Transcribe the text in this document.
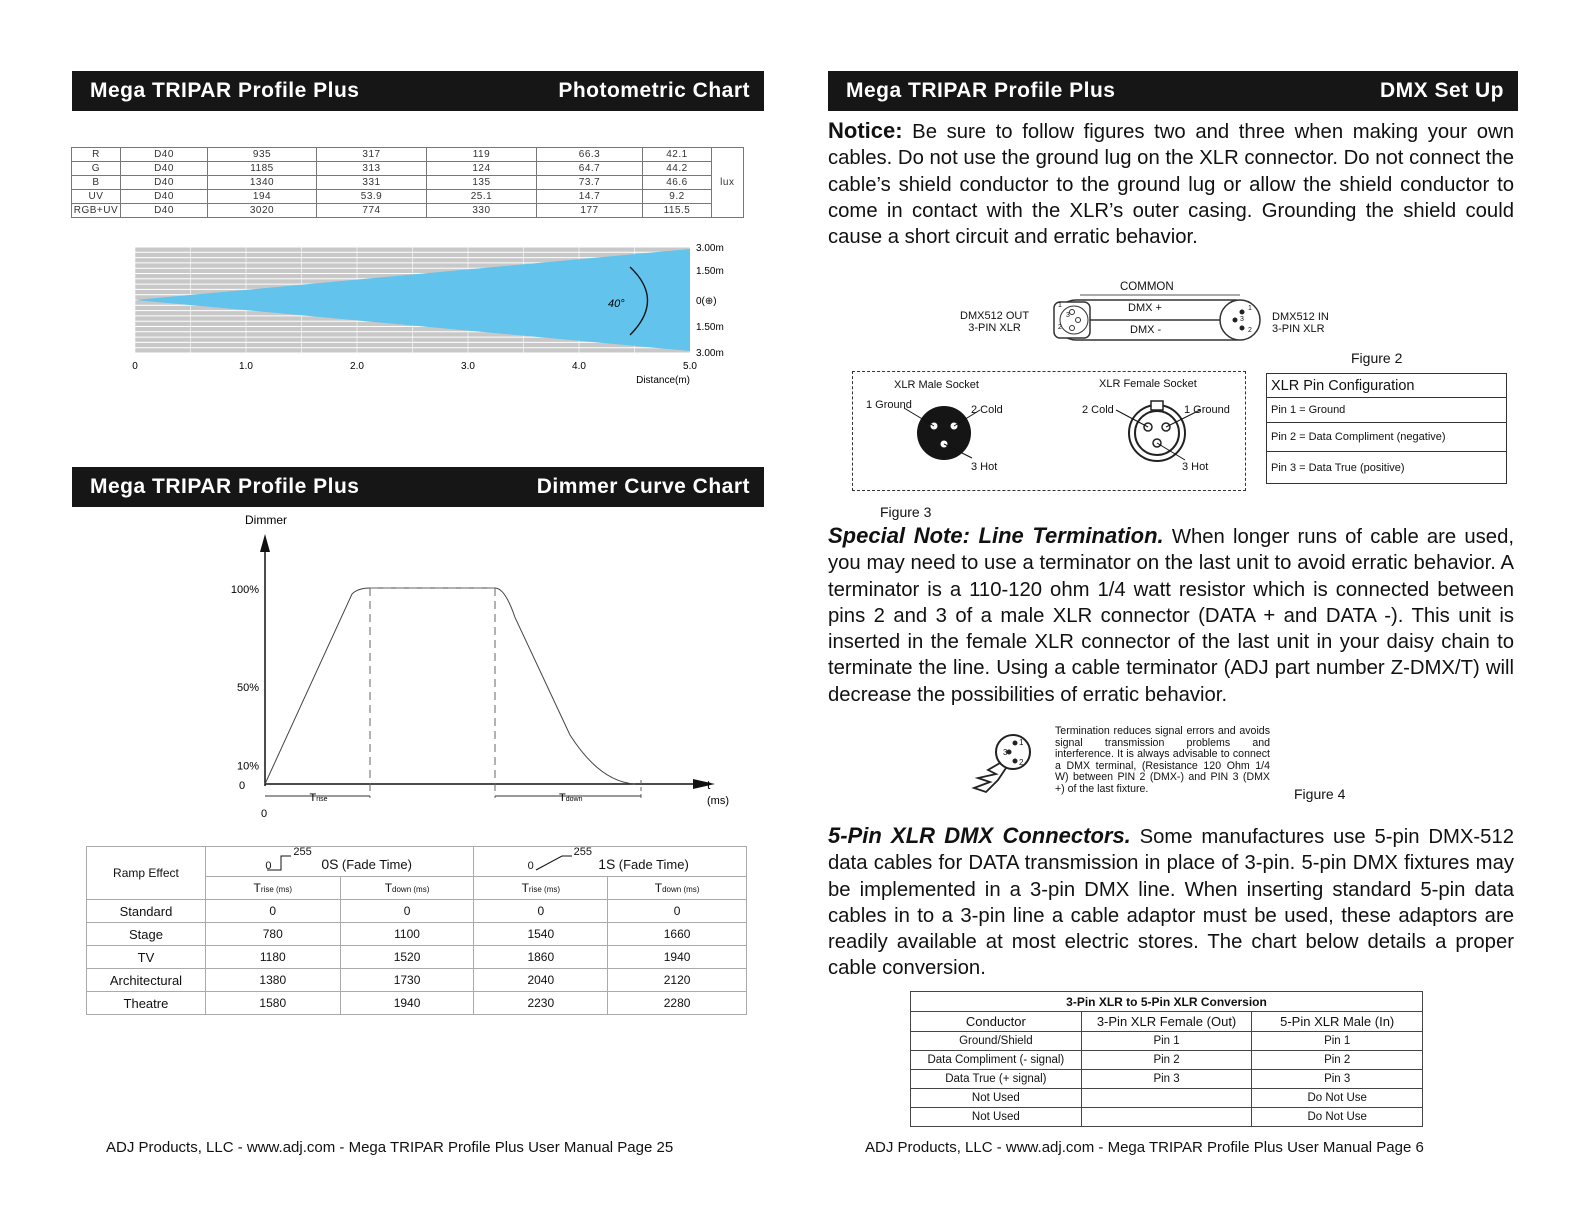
Mega TRIPAR Profile Plus	Photometric Chart
R	D40	935	317	119	66.3	42.1	lux
G	D40	1185	313	124	64.7	44.2	
B	D40	1340	331	135	73.7	46.6	
UV	D40	194	53.9	25.1	14.7	9.2	
RGB+UV	D40	3020	774	330	177	115.5	
40°
3.00m
1.50m
0(⊕)
1.50m
3.00m
0	1.0	2.0	3.0	4.0	5.0
Distance(m)
Mega TRIPAR Profile Plus	Dimmer Curve Chart
Dimmer
100%
50%
10%
0
0
t
(ms)
Trise	Tdown
Ramp Effect	0
255
0S (Fade Time)		0
255
1S (Fade Time)	
	Trise (ms)	Tdown (ms)	Trise (ms)	Tdown (ms)
Standard	0	0	0	0
Stage	780	1100	1540	1660
TV	1180	1520	1860	1940
Architectural	1380	1730	2040	2120
Theatre	1580	1940	2230	2280
ADJ Products, LLC - www.adj.com - Mega TRIPAR Profile Plus User Manual Page 25
Mega TRIPAR Profile Plus	DMX Set Up
Notice: Be sure to follow figures two and three when making your own cables. Do not use the ground lug on the XLR connector. Do not connect the cable’s shield conductor to the ground lug or allow the shield conductor to come in contact with the XLR’s outer casing. Grounding the shield could cause a short circuit and erratic behavior.
COMMON
DMX +
DMX -
1
3
2
1
3
2
DMX512 OUT
3-PIN XLR
DMX512 IN
3-PIN XLR
Figure 2
XLR Male Socket	XLR Female Socket
1 Ground	2 Cold
3 Hot
2 Cold	1 Ground
3 Hot
XLR Pin Configuration
Pin 1 = Ground
Pin 2 = Data Compliment (negative)
Pin 3 = Data True (positive)
Figure 3
Special Note: Line Termination. When longer runs of cable are used, you may need to use a terminator on the last unit to avoid erratic behavior. A terminator is a 110-120 ohm 1/4 watt resistor which is connected between pins 2 and 3 of a male XLR connector (DATA + and DATA -). This unit is inserted in the female XLR connector of the last unit in your daisy chain to terminate the line. Using a cable terminator (ADJ part number Z-DMX/T) will decrease the possibilities of erratic behavior.
1
3
2
Termination reduces signal errors and avoids signal transmission problems and interference. It is always advisable to connect a DMX terminal, (Resistance 120 Ohm 1/4 W) between PIN 2 (DMX-) and PIN 3 (DMX +) of the last fixture.	Figure 4
5-Pin XLR DMX Connectors. Some manufactures use 5-pin DMX-512 data cables for DATA transmission in place of 3-pin. 5-pin DMX fixtures may be implemented in a 3-pin DMX line. When inserting standard 5-pin data cables in to a 3-pin line a cable adaptor must be used, these adaptors are readily available at most electric stores. The chart below details a proper cable conversion.
3-Pin XLR to 5-Pin XLR Conversion		
Conductor	3-Pin XLR Female (Out)	5-Pin XLR Male (In)
Ground/Shield	Pin 1	Pin 1
Data Compliment (- signal)	Pin 2	Pin 2
Data True (+ signal)	Pin 3	Pin 3
Not Used		Do Not Use
Not Used		Do Not Use
ADJ Products, LLC - www.adj.com - Mega TRIPAR Profile Plus User Manual Page 6
